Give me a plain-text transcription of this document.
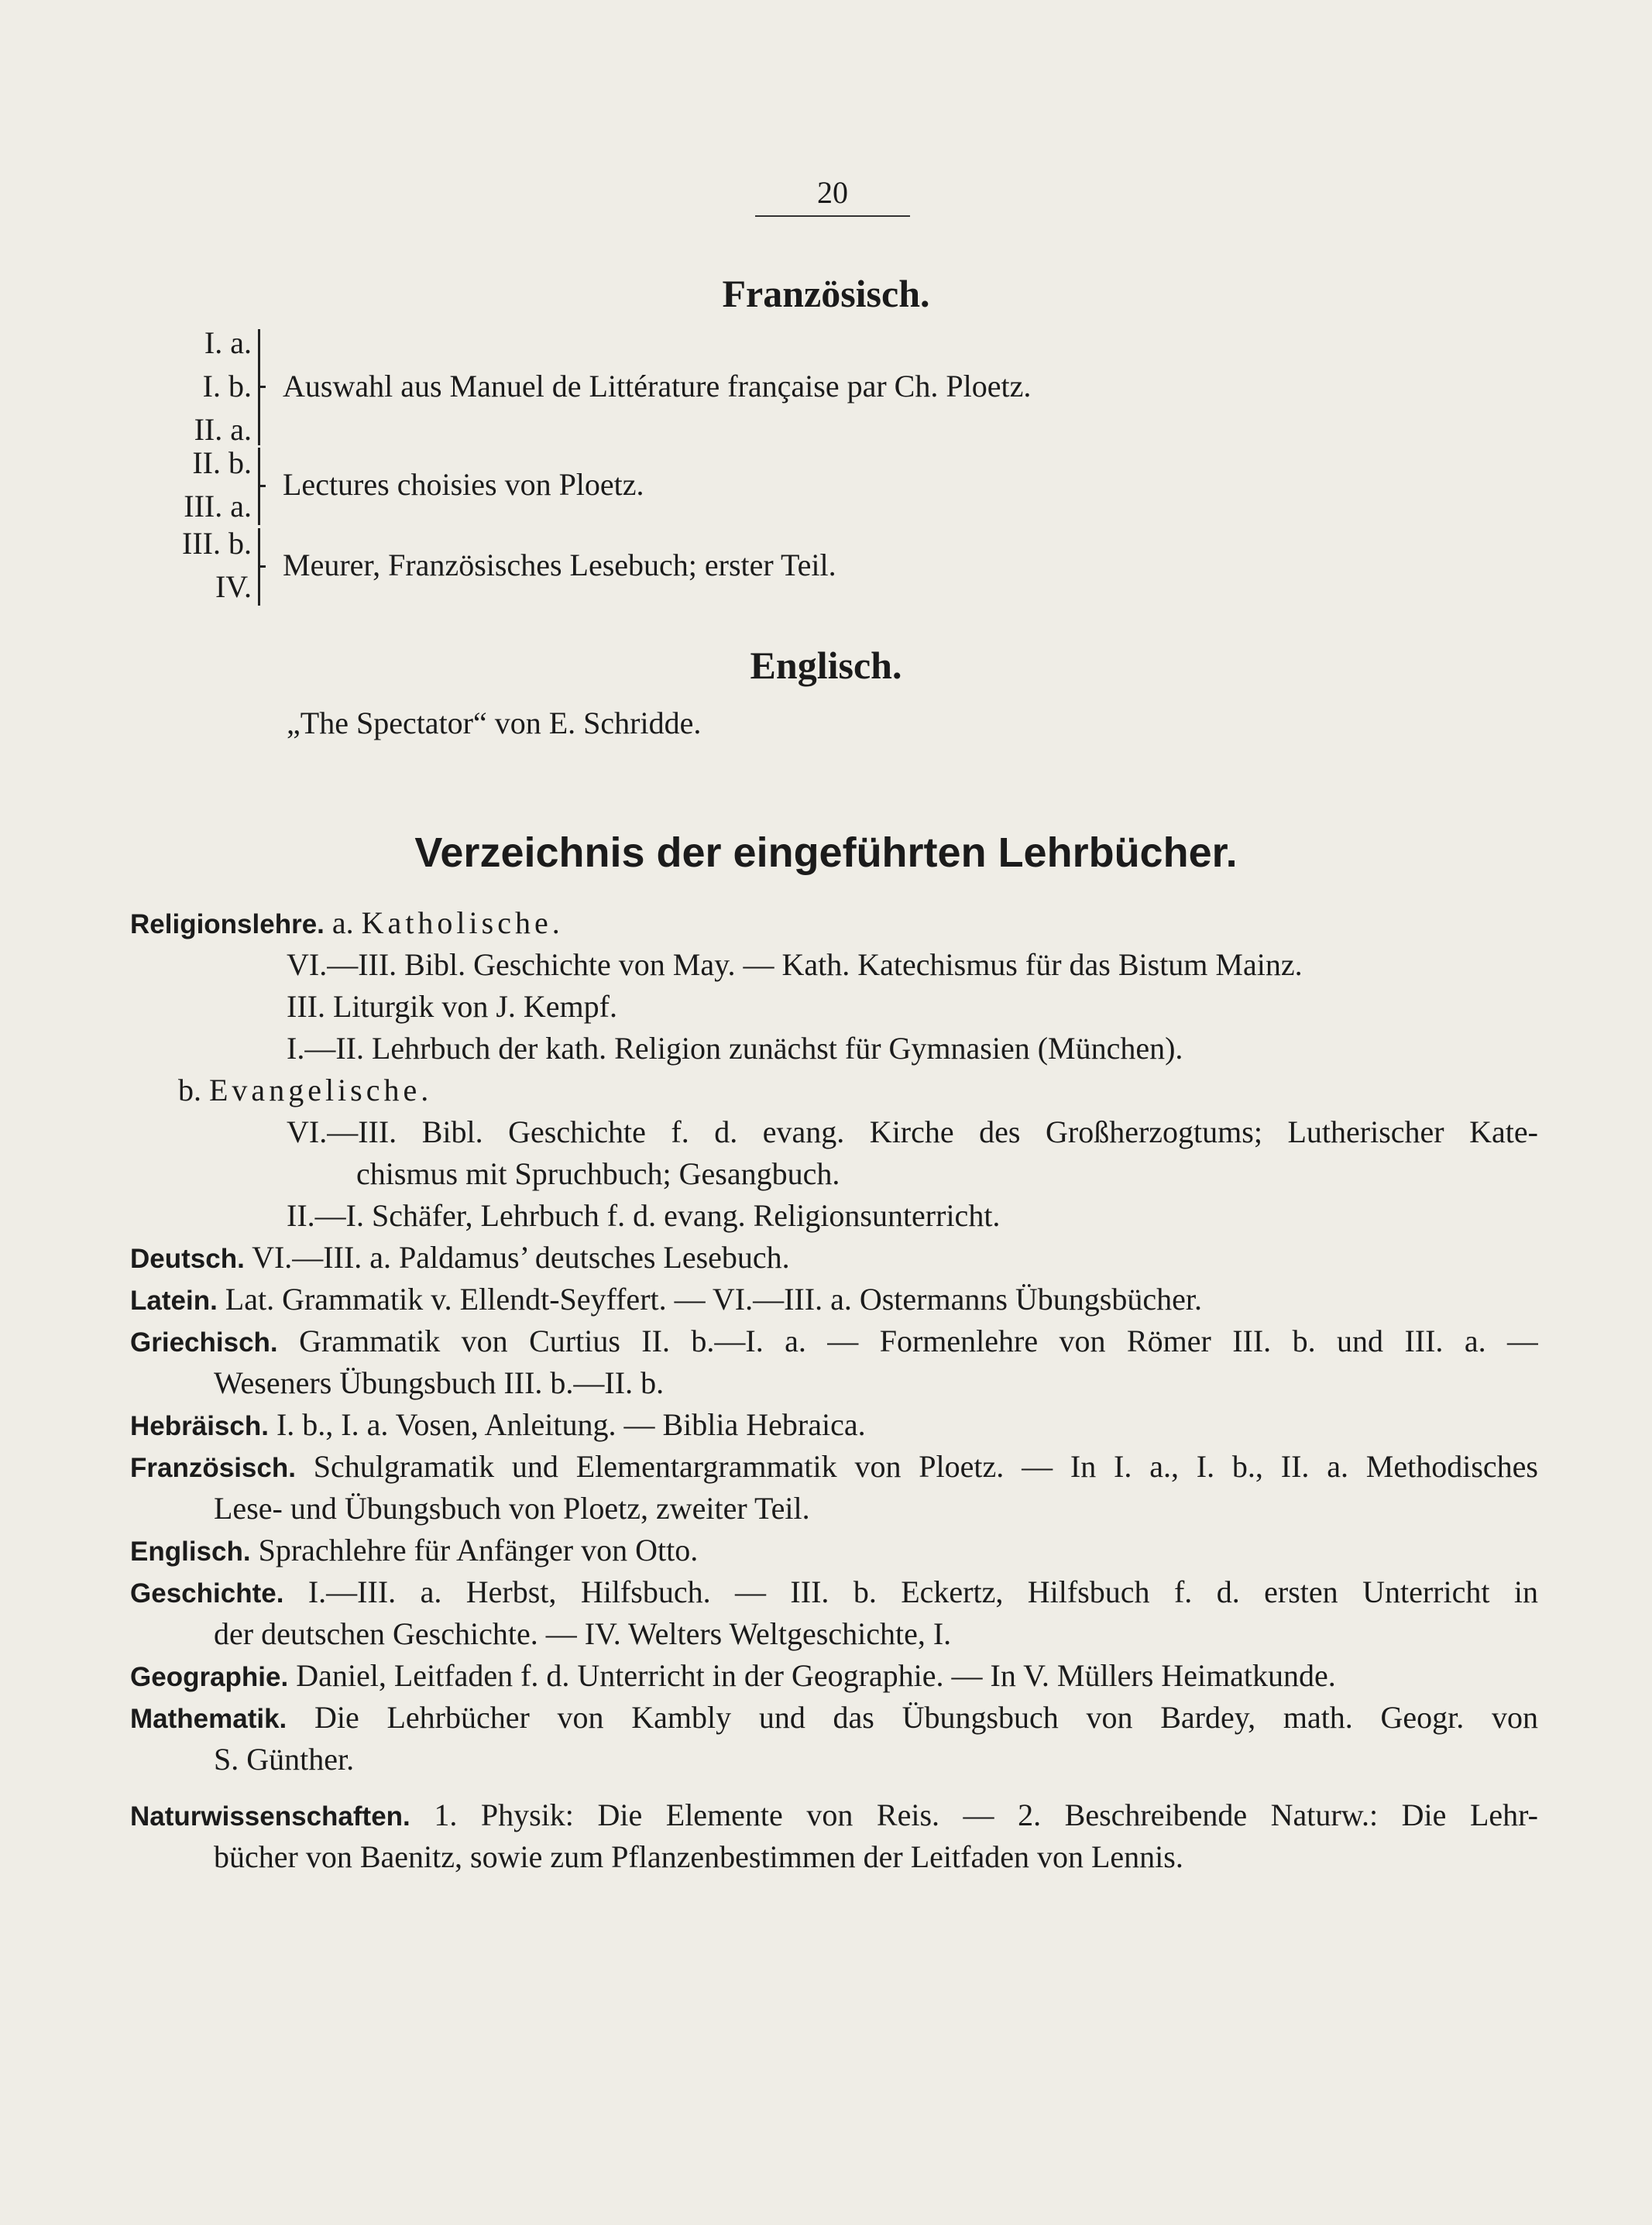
20
Französisch.
I. a.
I. b.
II. a.
Auswahl aus Manuel de Littérature française par Ch. Ploetz.
II. b.
III. a.
Lectures choisies von Ploetz.
III. b.
IV.
Meurer, Französisches Lesebuch; erster Teil.
Englisch.
„The Spectator“ von E. Schridde.
Verzeichnis der eingeführten Lehrbücher.
Religionslehre. a. Katholische.
VI.—III. Bibl. Geschichte von May. — Kath. Katechismus für das Bistum Mainz.
III. Liturgik von J. Kempf.
I.—II. Lehrbuch der kath. Religion zunächst für Gymnasien (München).
b. Evangelische.
VI.—III. Bibl. Geschichte f. d. evang. Kirche des Großherzogtums; Lutherischer Kate-
chismus mit Spruchbuch; Gesangbuch.
II.—I. Schäfer, Lehrbuch f. d. evang. Religionsunterricht.
Deutsch. VI.—III. a. Paldamus’ deutsches Lesebuch.
Latein. Lat. Grammatik v. Ellendt-Seyffert. — VI.—III. a. Ostermanns Übungsbücher.
Griechisch. Grammatik von Curtius II. b.—I. a. — Formenlehre von Römer III. b. und III. a. —
Weseners Übungsbuch III. b.—II. b.
Hebräisch. I. b., I. a. Vosen, Anleitung. — Biblia Hebraica.
Französisch. Schulgramatik und Elementargrammatik von Ploetz. — In I. a., I. b., II. a. Methodisches
Lese- und Übungsbuch von Ploetz, zweiter Teil.
Englisch. Sprachlehre für Anfänger von Otto.
Geschichte. I.—III. a. Herbst, Hilfsbuch. — III. b. Eckertz, Hilfsbuch f. d. ersten Unterricht in
der deutschen Geschichte. — IV. Welters Weltgeschichte, I.
Geographie. Daniel, Leitfaden f. d. Unterricht in der Geographie. — In V. Müllers Heimatkunde.
Mathematik. Die Lehrbücher von Kambly und das Übungsbuch von Bardey, math. Geogr. von
S. Günther.
Naturwissenschaften. 1. Physik: Die Elemente von Reis. — 2. Beschreibende Naturw.: Die Lehr-
bücher von Baenitz, sowie zum Pflanzenbestimmen der Leitfaden von Lennis.
